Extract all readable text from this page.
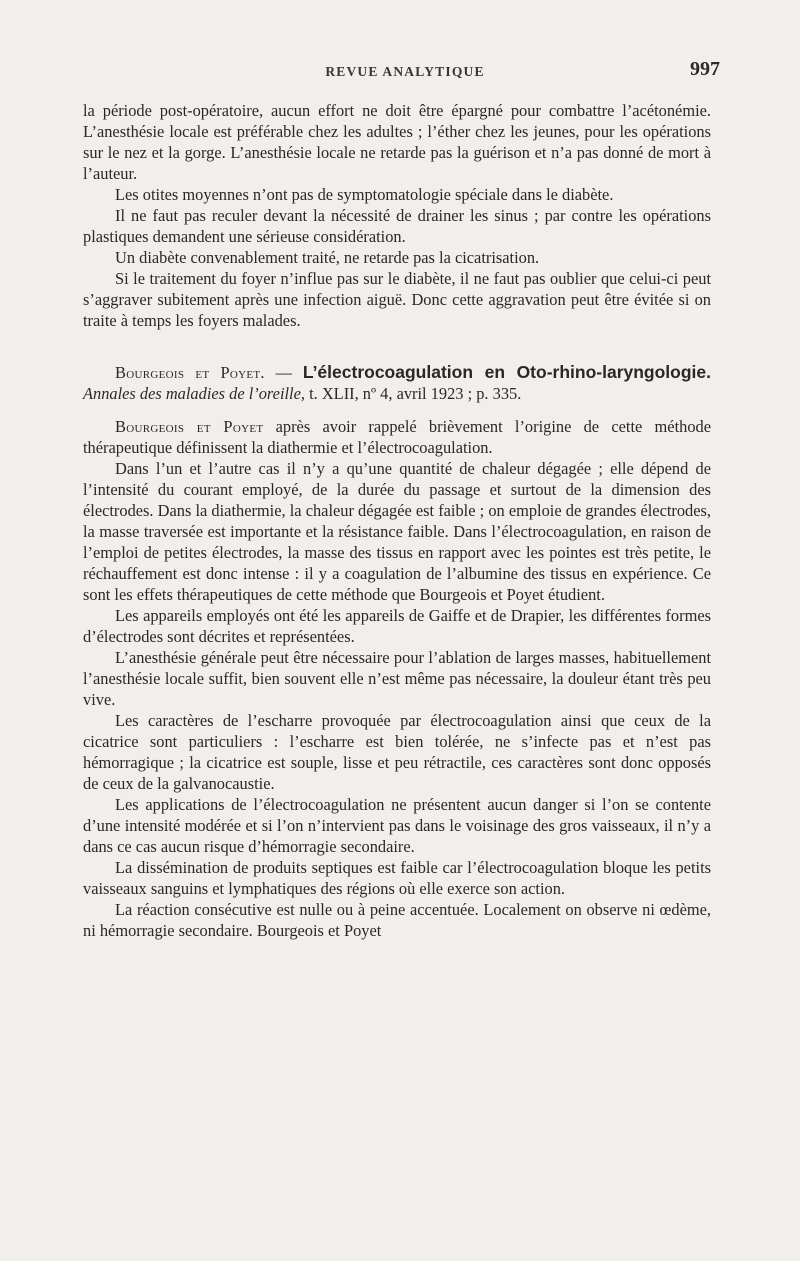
REVUE ANALYTIQUE	997

la période post-opératoire, aucun effort ne doit être épargné pour combattre l’acétonémie. L’anesthésie locale est préférable chez les adultes ; l’éther chez les jeunes, pour les opérations sur le nez et la gorge. L’anesthésie locale ne retarde pas la guérison et n’a pas donné de mort à l’auteur.

Les otites moyennes n’ont pas de symptomatologie spéciale dans le diabète.

Il ne faut pas reculer devant la nécessité de drainer les sinus ; par contre les opérations plastiques demandent une sérieuse considération.

Un diabète convenablement traité, ne retarde pas la cicatrisation.

Si le traitement du foyer n’influe pas sur le diabète, il ne faut pas oublier que celui-ci peut s’aggraver subitement après une infection aiguë. Donc cette aggravation peut être évitée si on traite à temps les foyers malades.

Bourgeois et Poyet. — L’électrocoagulation en Oto-rhino-laryngologie. Annales des maladies de l’oreille, t. XLII, nº 4, avril 1923 ; p. 335.

Bourgeois et Poyet après avoir rappelé brièvement l’origine de cette méthode thérapeutique définissent la diathermie et l’électrocoagulation.

Dans l’un et l’autre cas il n’y a qu’une quantité de chaleur dégagée ; elle dépend de l’intensité du courant employé, de la durée du passage et surtout de la dimension des électrodes. Dans la diathermie, la chaleur dégagée est faible ; on emploie de grandes électrodes, la masse traversée est importante et la résistance faible. Dans l’électrocoagulation, en raison de l’emploi de petites électrodes, la masse des tissus en rapport avec les pointes est très petite, le réchauffement est donc intense : il y a coagulation de l’albumine des tissus en expérience. Ce sont les effets thérapeutiques de cette méthode que Bourgeois et Poyet étudient.

Les appareils employés ont été les appareils de Gaiffe et de Drapier, les différentes formes d’électrodes sont décrites et représentées.

L’anesthésie générale peut être nécessaire pour l’ablation de larges masses, habituellement l’anesthésie locale suffit, bien souvent elle n’est même pas nécessaire, la douleur étant très peu vive.

Les caractères de l’escharre provoquée par électrocoagulation ainsi que ceux de la cicatrice sont particuliers : l’escharre est bien tolérée, ne s’infecte pas et n’est pas hémorragique ; la cicatrice est souple, lisse et peu rétractile, ces caractères sont donc opposés de ceux de la galvanocaustie.

Les applications de l’électrocoagulation ne présentent aucun danger si l’on se contente d’une intensité modérée et si l’on n’intervient pas dans le voisinage des gros vaisseaux, il n’y a dans ce cas aucun risque d’hémorragie secondaire.

La dissémination de produits septiques est faible car l’électrocoagulation bloque les petits vaisseaux sanguins et lymphatiques des régions où elle exerce son action.

La réaction consécutive est nulle ou à peine accentuée. Localement on observe ni œdème, ni hémorragie secondaire. Bourgeois et Poyet
